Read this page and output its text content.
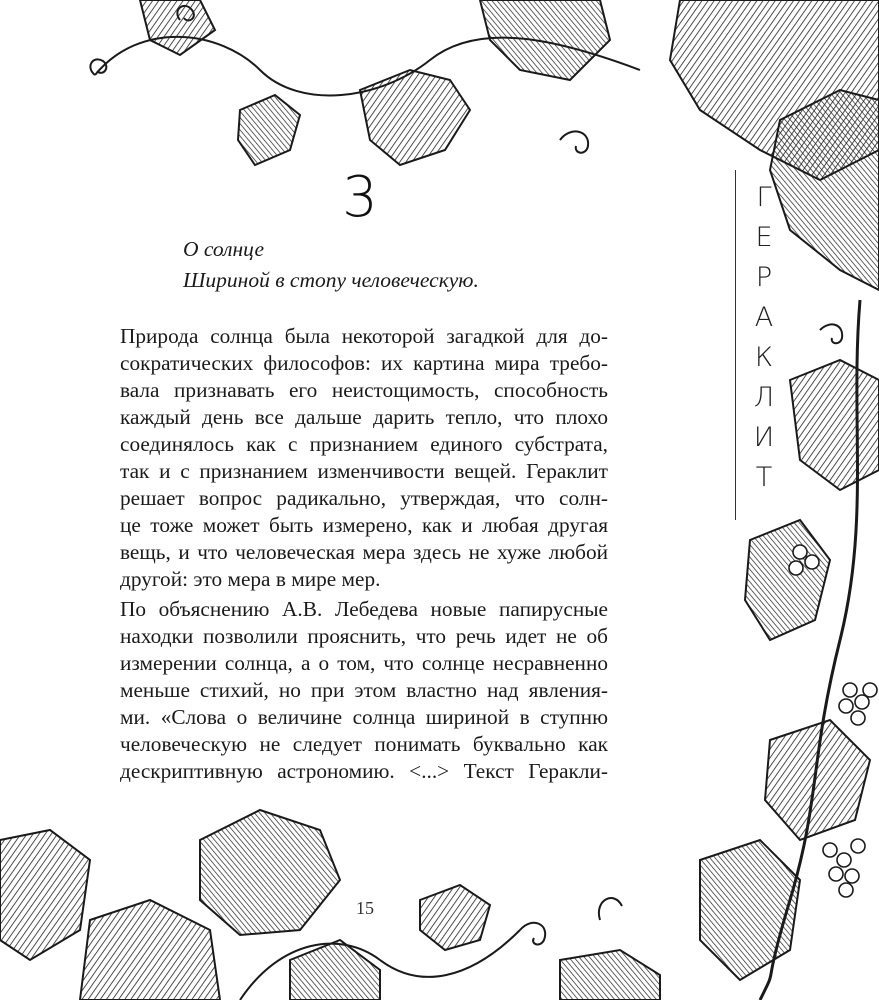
3
О солнце
Шириной в стопу человеческую.
Природа солнца была некоторой загадкой для до-
сократических философов: их картина мира требо-
вала признавать его неистощимость, способность
каждый день все дальше дарить тепло, что плохо
соединялось как с признанием единого субстрата,
так и с признанием изменчивости вещей. Гераклит
решает вопрос радикально, утверждая, что солн-
це тоже может быть измерено, как и любая другая
вещь, и что человеческая мера здесь не хуже любой
другой: это мера в мире мер.
По объяснению А.В. Лебедева новые папирусные
находки позволили прояснить, что речь идет не об
измерении солнца, а о том, что солнце несравненно
меньше стихий, но при этом властно над явления-
ми. «Слова о величине солнца шириной в ступню
человеческую не следует понимать буквально как
дескриптивную астрономию. <...> Текст Геракли-
Г
Е
Р
А
К
Л
И
Т
15
